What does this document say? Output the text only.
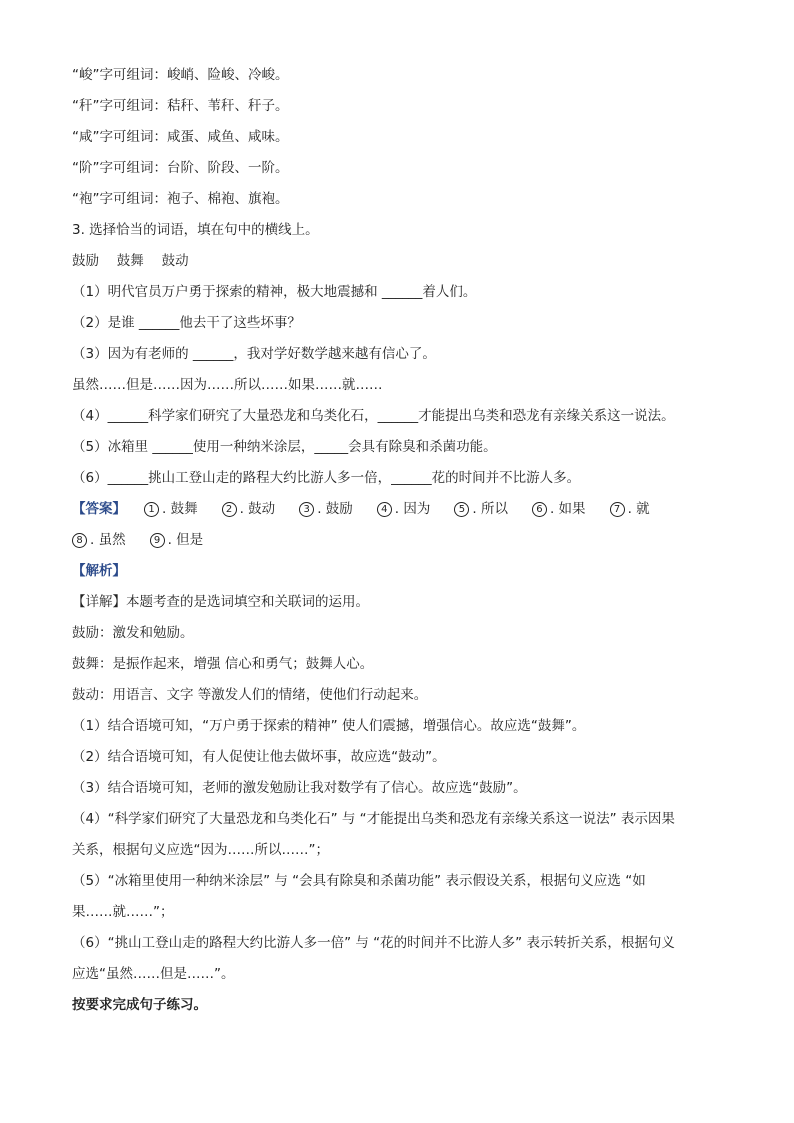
“峻”字可组词：峻峭、险峻、冷峻。
“秆”字可组词：秸秆、苇秆、秆子。
“咸”字可组词：咸蛋、咸鱼、咸味。
“阶”字可组词：台阶、阶段、一阶。
“袍”字可组词：袍子、棉袍、旗袍。
3. 选择恰当的词语，填在句中的横线上。
鼓励　 鼓舞　 鼓动
（1）明代官员万户勇于探索的精神，极大地震撼和 ______着人们。
（2）是谁 ______他去干了这些坏事？
（3）因为有老师的 ______，我对学好数学越来越有信心了。
虽然……但是……因为……所以……如果……就……
（4）______科学家们研究了大量恐龙和乌类化石，______才能提出乌类和恐龙有亲缘关系这一说法。
（5）冰箱里 ______使用一种纳米涂层，_____会具有除臭和杀菌功能。
（6）______挑山工登山走的路程大约比游人多一倍，______花的时间并不比游人多。
【答案】	1 . 鼓舞	2 . 鼓动	3 . 鼓励	4 . 因为	5 . 所以	6 . 如果	7 . 就
8 . 虽然	9 . 但是
【解析】
【详解】本题考查的是选词填空和关联词的运用。
鼓励：激发和勉励。
鼓舞：是振作起来，增强 信心和勇气；鼓舞人心。
鼓动：用语言、文字 等激发人们的情绪，使他们行动起来。
（1）结合语境可知，“万户勇于探索的精神” 使人们震撼，增强信心。故应选“鼓舞”。
（2）结合语境可知，有人促使让他去做坏事，故应选“鼓动”。
（3）结合语境可知，老师的激发勉励让我对数学有了信心。故应选“鼓励”。
（4）“科学家们研究了大量恐龙和乌类化石” 与 “才能提出乌类和恐龙有亲缘关系这一说法” 表示因果
关系，根据句义应选“因为……所以……”；
（5）“冰箱里使用一种纳米涂层” 与 “会具有除臭和杀菌功能” 表示假设关系，根据句义应选 “如
果……就……”；
（6）“挑山工登山走的路程大约比游人多一倍” 与 “花的时间并不比游人多” 表示转折关系，根据句义
应选“虽然……但是……”。
按要求完成句子练习。
